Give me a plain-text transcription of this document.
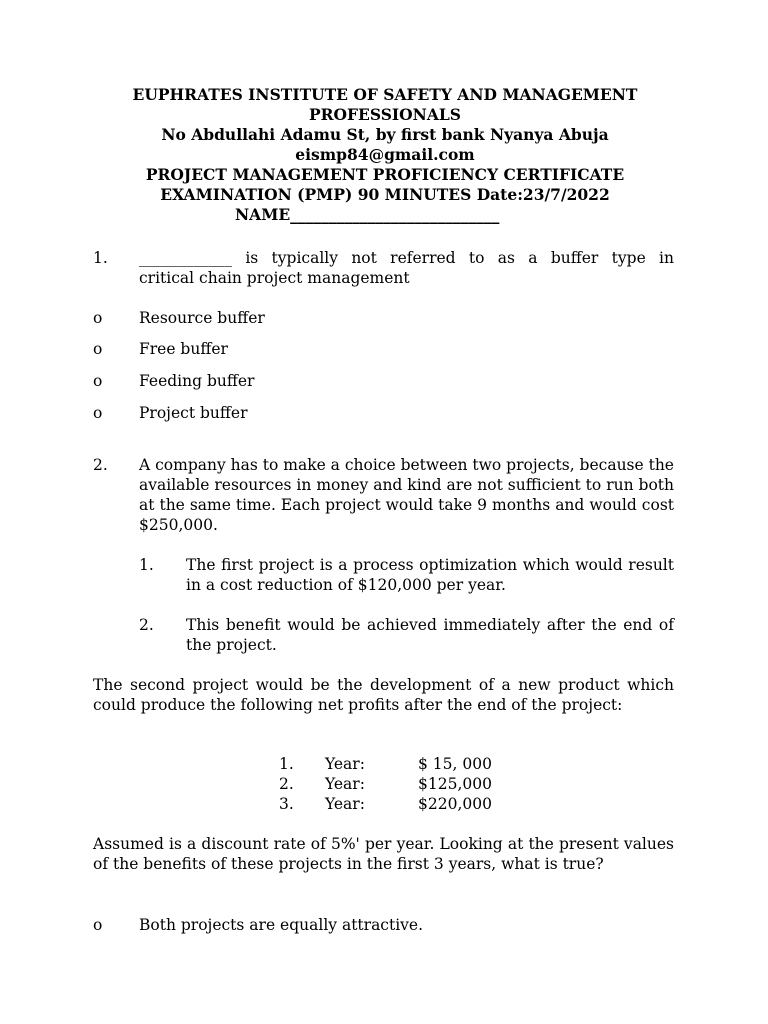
EUPHRATES INSTITUTE OF SAFETY AND MANAGEMENT
PROFESSIONALS
No Abdullahi Adamu St, by first bank Nyanya Abuja
eismp84@gmail.com
PROJECT MANAGEMENT PROFICIENCY CERTIFICATE
EXAMINATION (PMP) 90 MINUTES Date:23/7/2022
NAME___________________________
1. ____________ is typically not referred to as a buffer type in
critical chain project management
o Resource buffer
o Free buffer
o Feeding buffer
o Project buffer
2. A company has to make a choice between two projects, because the available resources in money and kind are not sufficient to run both at the same time. Each project would take 9 months and would cost $250,000.
1. The first project is a process optimization which would result in a cost reduction of $120,000 per year.
2. This benefit would be achieved immediately after the end of the project.
The second project would be the development of a new product which could produce the following net profits after the end of the project:
1. Year:	$ 15, 000
2. Year:	$125,000
3. Year:	$220,000
Assumed is a discount rate of 5%' per year. Looking at the present values of the benefits of these projects in the first 3 years, what is true?
o Both projects are equally attractive.
